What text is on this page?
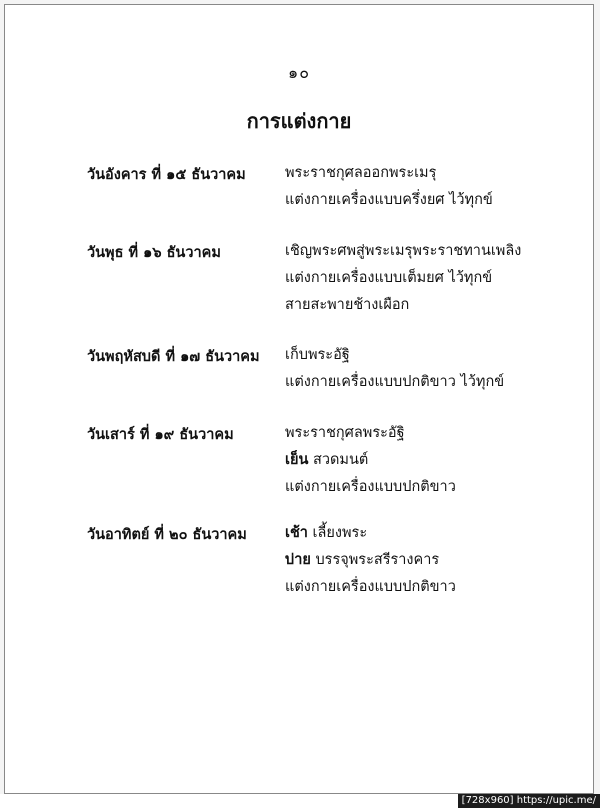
๑๐
การแต่งกาย
วันอังคาร ที่ ๑๕ ธันวาคม	พระราชกุศลออกพระเมรุ
แต่งกายเครื่องแบบครึ่งยศ ไว้ทุกข์
วันพุธ ที่ ๑๖ ธันวาคม	เชิญพระศพสู่พระเมรุพระราชทานเพลิง
แต่งกายเครื่องแบบเต็มยศ ไว้ทุกข์
สายสะพายช้างเผือก
วันพฤหัสบดี ที่ ๑๗ ธันวาคม เก็บพระอัฐิ
แต่งกายเครื่องแบบปกติขาว ไว้ทุกข์
วันเสาร์ ที่ ๑๙ ธันวาคม	พระราชกุศลพระอัฐิ
เย็น สวดมนต์
แต่งกายเครื่องแบบปกติขาว
วันอาทิตย์ ที่ ๒๐ ธันวาคม	เช้า เลี้ยงพระ
บ่าย บรรจุพระสรีรางคาร
แต่งกายเครื่องแบบปกติขาว
[728x960] https://upic.me/
